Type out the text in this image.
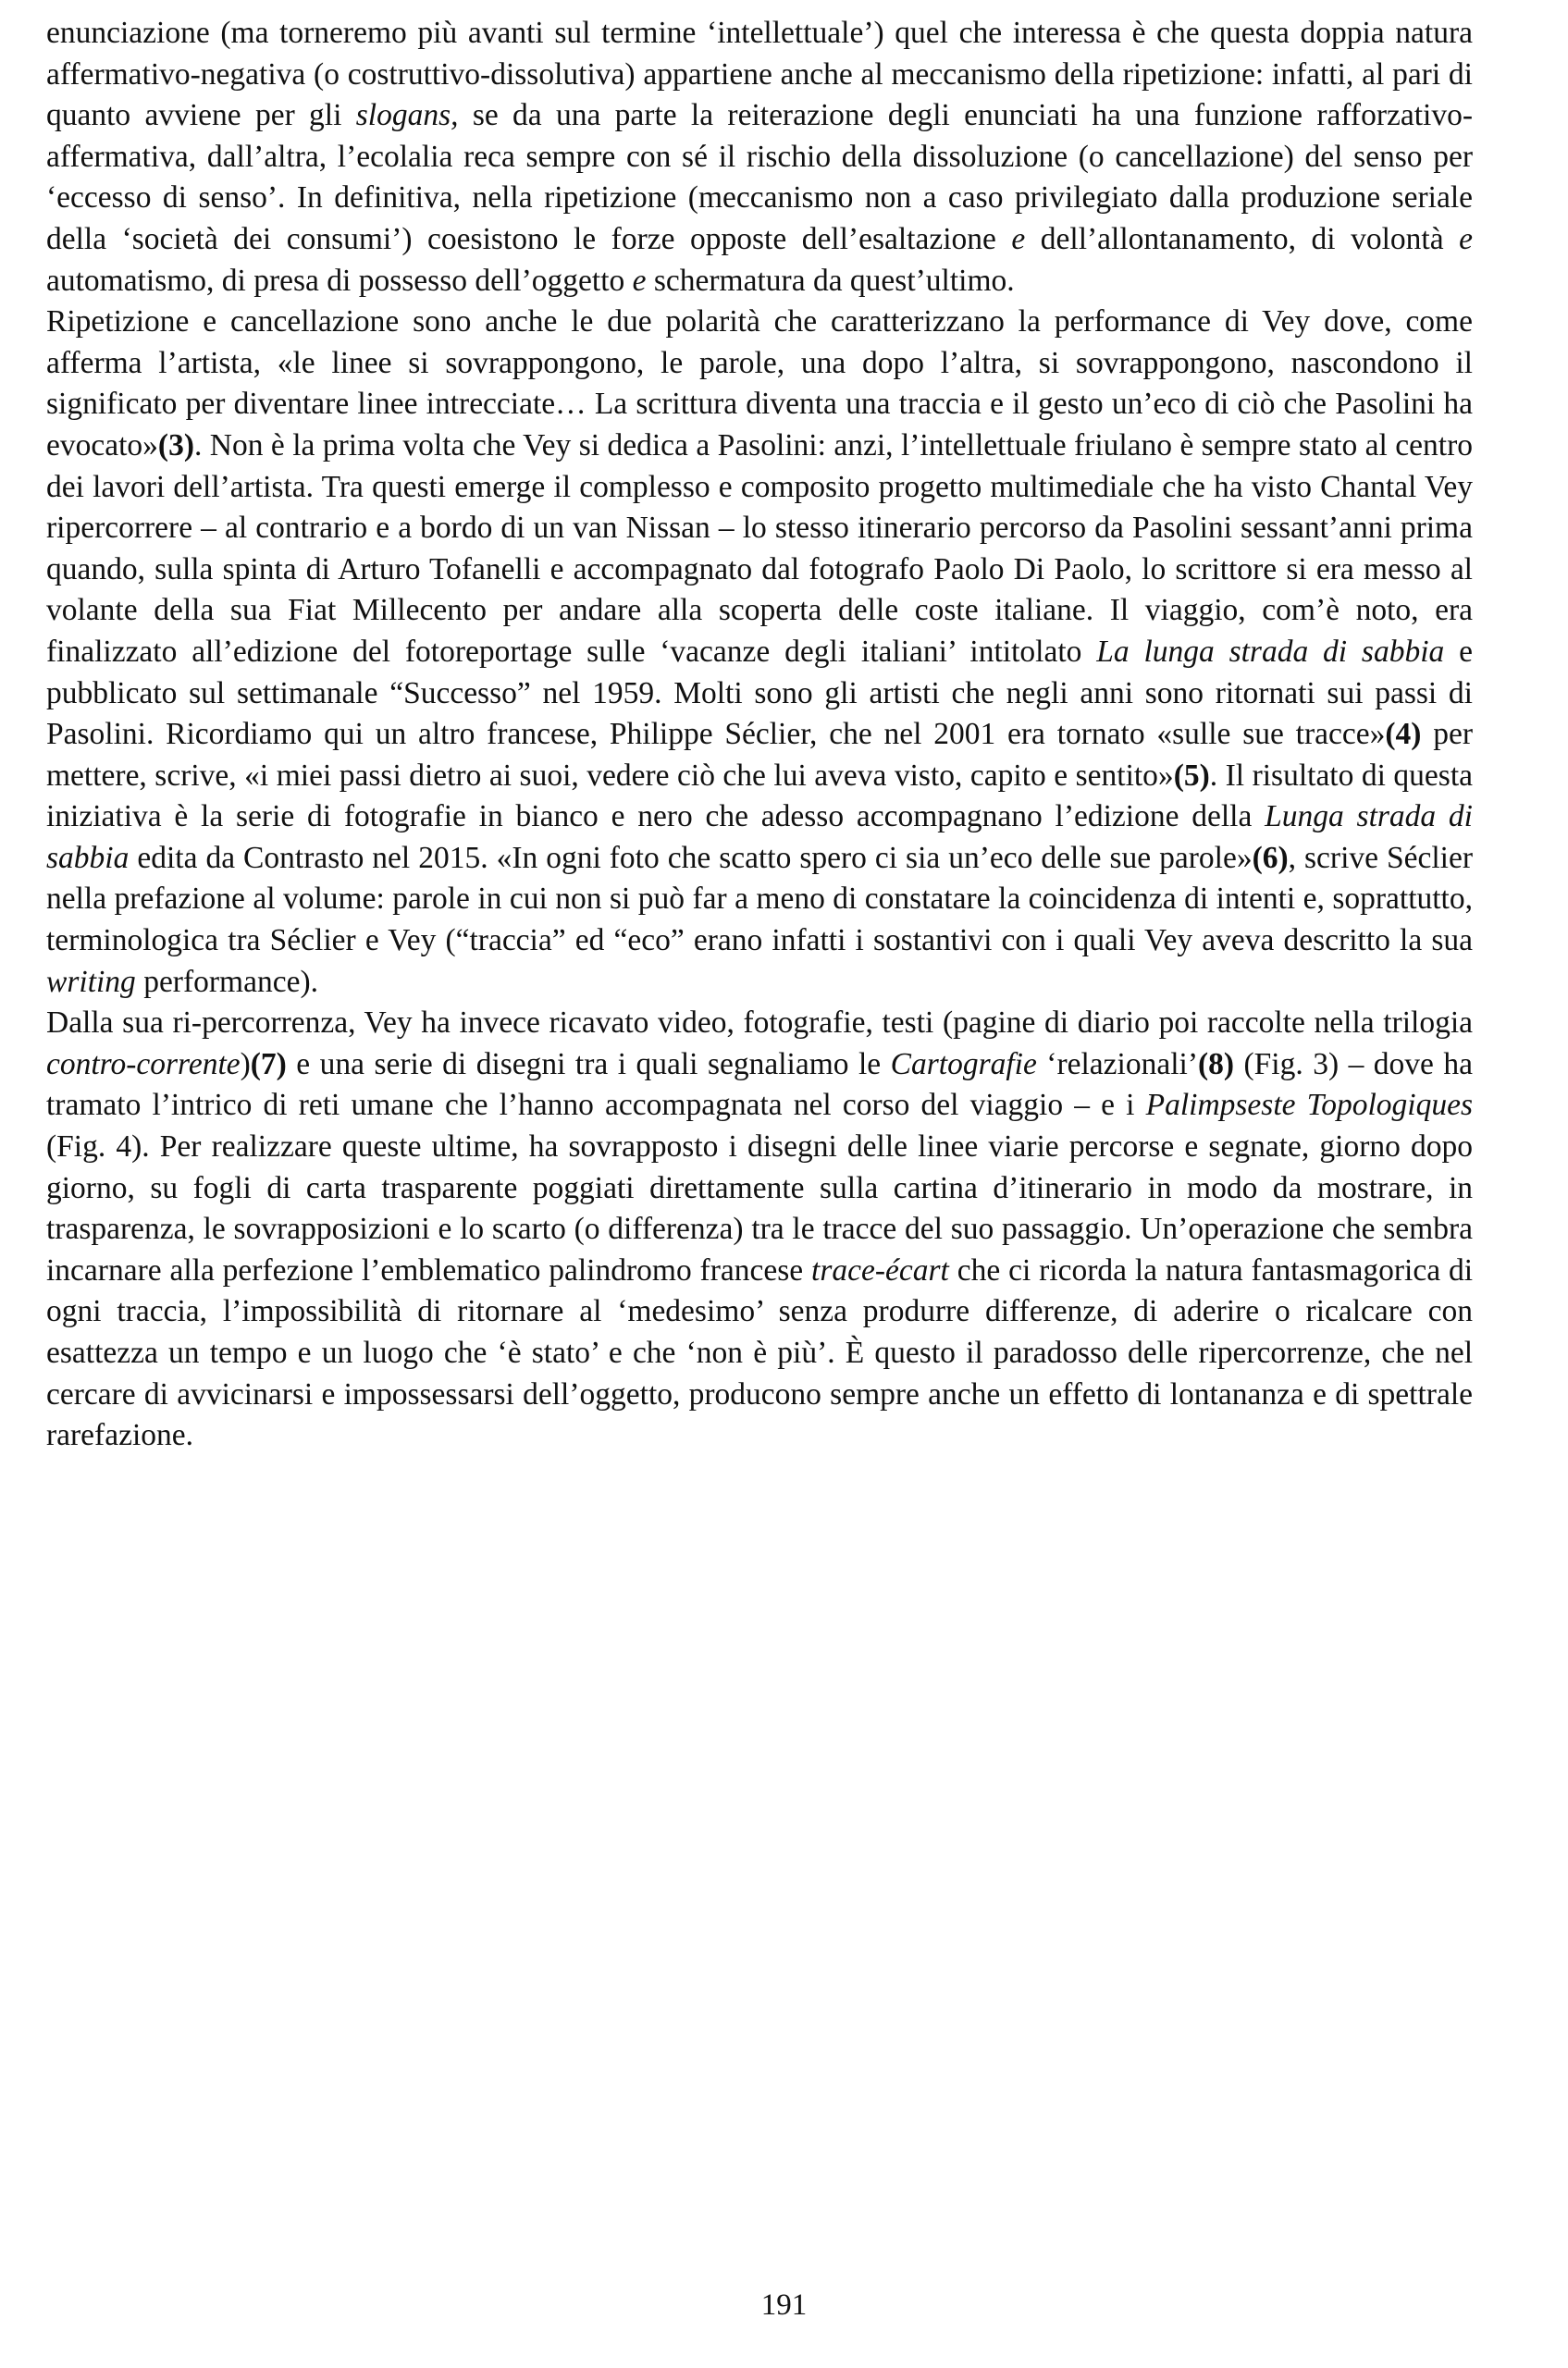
enunciazione (ma torneremo più avanti sul termine ‘intellettuale’) quel che interessa è che questa doppia natura affermativo-negativa (o costruttivo-dissolutiva) appartiene anche al meccanismo della ripetizione: infatti, al pari di quanto avviene per gli slogans, se da una parte la reiterazione degli enunciati ha una funzione rafforzativo-affermativa, dall’altra, l’ecolalia reca sempre con sé il rischio della dissoluzione (o cancellazione) del senso per ‘eccesso di senso’. In definitiva, nella ripetizione (meccanismo non a caso privilegiato dalla produzione seriale della ‘società dei consumi’) coesistono le forze opposte dell’esaltazione e dell’allontanamento, di volontà e automatismo, di presa di possesso dell’oggetto e schermatura da quest’ultimo.

Ripetizione e cancellazione sono anche le due polarità che caratterizzano la performance di Vey dove, come afferma l’artista, «le linee si sovrappongono, le parole, una dopo l’altra, si sovrappongono, nascondono il significato per diventare linee intrecciate… La scrittura diventa una traccia e il gesto un’eco di ciò che Pasolini ha evocato»(3). Non è la prima volta che Vey si dedica a Pasolini: anzi, l’intellettuale friulano è sempre stato al centro dei lavori dell’artista. Tra questi emerge il complesso e composito progetto multimediale che ha visto Chantal Vey ripercorrere – al contrario e a bordo di un van Nissan – lo stesso itinerario percorso da Pasolini sessant’anni prima quando, sulla spinta di Arturo Tofanelli e accompagnato dal fotografo Paolo Di Paolo, lo scrittore si era messo al volante della sua Fiat Millecento per andare alla scoperta delle coste italiane. Il viaggio, com’è noto, era finalizzato all’edizione del fotoreportage sulle ‘vacanze degli italiani’ intitolato La lunga strada di sabbia e pubblicato sul settimanale “Successo” nel 1959. Molti sono gli artisti che negli anni sono ritornati sui passi di Pasolini. Ricordiamo qui un altro francese, Philippe Séclier, che nel 2001 era tornato «sulle sue tracce»(4) per mettere, scrive, «i miei passi dietro ai suoi, vedere ciò che lui aveva visto, capito e sentito»(5). Il risultato di questa iniziativa è la serie di fotografie in bianco e nero che adesso accompagnano l’edizione della Lunga strada di sabbia edita da Contrasto nel 2015. «In ogni foto che scatto spero ci sia un’eco delle sue parole»(6), scrive Séclier nella prefazione al volume: parole in cui non si può far a meno di constatare la coincidenza di intenti e, soprattutto, terminologica tra Séclier e Vey (“traccia” ed “eco” erano infatti i sostantivi con i quali Vey aveva descritto la sua writing performance).

Dalla sua ri-percorrenza, Vey ha invece ricavato video, fotografie, testi (pagine di diario poi raccolte nella trilogia contro-corrente)(7) e una serie di disegni tra i quali segnaliamo le Cartografie ‘relazionali’(8) (Fig. 3) – dove ha tramato l’intrico di reti umane che l’hanno accompagnata nel corso del viaggio – e i Palimpseste Topologiques (Fig. 4). Per realizzare queste ultime, ha sovrapposto i disegni delle linee viarie percorse e segnate, giorno dopo giorno, su fogli di carta trasparente poggiati direttamente sulla cartina d’itinerario in modo da mostrare, in trasparenza, le sovrapposizioni e lo scarto (o differenza) tra le tracce del suo passaggio. Un’operazione che sembra incarnare alla perfezione l’emblematico palindromo francese trace-écart che ci ricorda la natura fantasmagorica di ogni traccia, l’impossibilità di ritornare al ‘medesimo’ senza produrre differenze, di aderire o ricalcare con esattezza un tempo e un luogo che ‘è stato’ e che ‘non è più’. È questo il paradosso delle ripercorrenze, che nel cercare di avvicinarsi e impossessarsi dell’oggetto, producono sempre anche un effetto di lontananza e di spettrale rarefazione.

191
